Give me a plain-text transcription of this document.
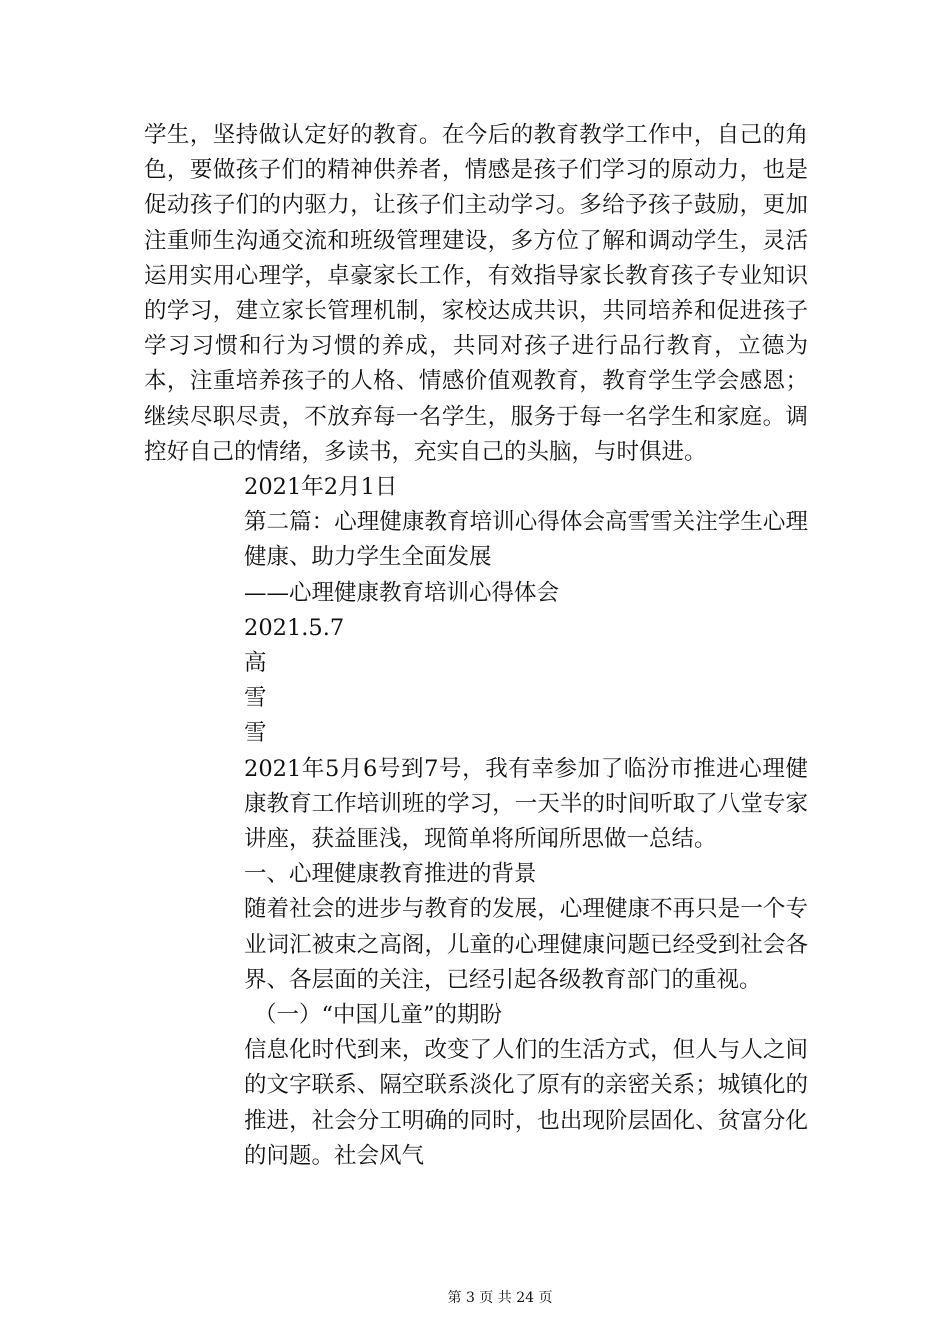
学生，坚持做认定好的教育。在今后的教育教学工作中，自己的角色，要做孩子们的精神供养者，情感是孩子们学习的原动力，也是促动孩子们的内驱力，让孩子们主动学习。多给予孩子鼓励，更加注重师生沟通交流和班级管理建设，多方位了解和调动学生，灵活运用实用心理学，卓豪家长工作，有效指导家长教育孩子专业知识的学习，建立家长管理机制，家校达成共识，共同培养和促进孩子学习习惯和行为习惯的养成，共同对孩子进行品行教育，立德为本，注重培养孩子的人格、情感价值观教育，教育学生学会感恩；继续尽职尽责，不放弃每一名学生，服务于每一名学生和家庭。调控好自己的情绪，多读书，充实自己的头脑，与时俱进。

2021年2月1日

第二篇：心理健康教育培训心得体会高雪雪关注学生心理健康、助力学生全面发展

——心理健康教育培训心得体会

2021.5.7

高

雪

雪

2021年5月6号到7号，我有幸参加了临汾市推进心理健康教育工作培训班的学习，一天半的时间听取了八堂专家讲座，获益匪浅，现简单将所闻所思做一总结。

一、心理健康教育推进的背景

随着社会的进步与教育的发展，心理健康不再只是一个专业词汇被束之高阁，儿童的心理健康问题已经受到社会各界、各层面的关注，已经引起各级教育部门的重视。

（一）“中国儿童”的期盼

信息化时代到来，改变了人们的生活方式，但人与人之间的文字联系、隔空联系淡化了原有的亲密关系；城镇化的推进，社会分工明确的同时，也出现阶层固化、贫富分化的问题。社会风气

第 3 页 共 24 页
